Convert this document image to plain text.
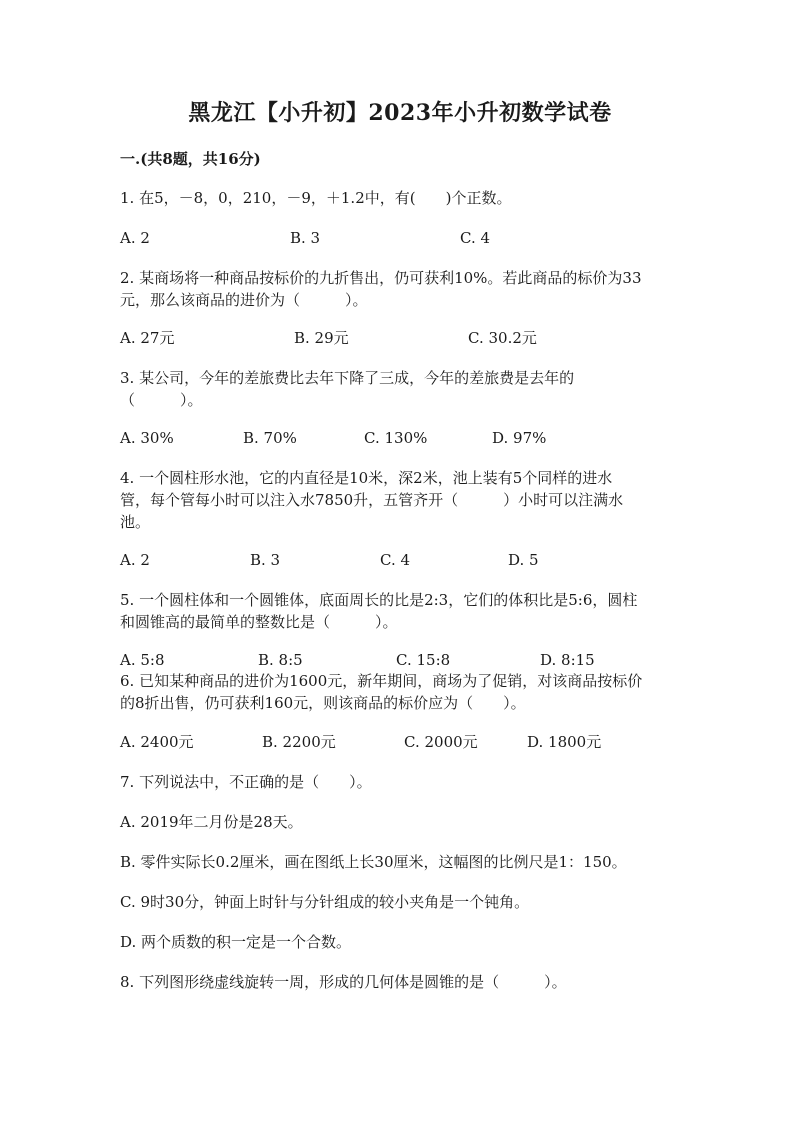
黑龙江【小升初】2023年小升初数学试卷
一.(共8题，共16分)
1. 在5，－8，0，210，－9，＋1.2中，有(　　)个正数。
A. 2	B. 3	C. 4
2. 某商场将一种商品按标价的九折售出，仍可获利10%。若此商品的标价为33
元，那么该商品的进价为（　　　）。
A. 27元	B. 29元	C. 30.2元
3. 某公司，今年的差旅费比去年下降了三成，今年的差旅费是去年的
（　　　）。
A. 30%	B. 70%	C. 130%	D. 97%
4. 一个圆柱形水池，它的内直径是10米，深2米，池上装有5个同样的进水
管，每个管每小时可以注入水7850升，五管齐开（　　　）小时可以注满水
池。
A. 2	B. 3	C. 4	D. 5
5. 一个圆柱体和一个圆锥体，底面周长的比是2:3，它们的体积比是5:6，圆柱
和圆锥高的最简单的整数比是（　　　）。
A. 5:8	B. 8:5	C. 15:8	D. 8:15
6. 已知某种商品的进价为1600元，新年期间，商场为了促销，对该商品按标价
的8折出售，仍可获利160元，则该商品的标价应为（　　）。
A. 2400元	B. 2200元	C. 2000元	D. 1800元
7. 下列说法中，不正确的是（　　）。
A. 2019年二月份是28天。
B. 零件实际长0.2厘米，画在图纸上长30厘米，这幅图的比例尺是1：150。
C. 9时30分，钟面上时针与分针组成的较小夹角是一个钝角。
D. 两个质数的积一定是一个合数。
8. 下列图形绕虚线旋转一周，形成的几何体是圆锥的是（　　　）。
